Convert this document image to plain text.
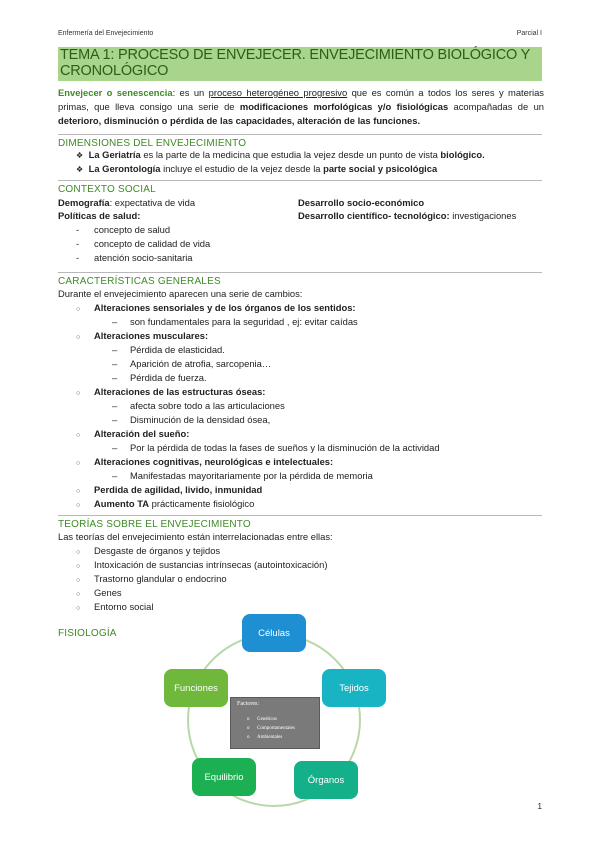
Enfermería del Envejecimiento	Parcial I
TEMA 1: PROCESO DE ENVEJECER. ENVEJECIMIENTO BIOLÓGICO Y CRONOLÓGICO
Envejecer o senescencia: es un proceso heterogéneo progresivo que es común a todos los seres y materias primas, que lleva consigo una serie de modificaciones morfológicas y/o fisiológicas acompañadas de un deterioro, disminución o pérdida de las capacidades, alteración de las funciones.
DIMENSIONES DEL ENVEJECIMIENTO
❖ La Geriatría es la parte de la medicina que estudia la vejez desde un punto de vista biológico.
❖ La Gerontología incluye el estudio de la vejez desde la parte social y psicológica
CONTEXTO SOCIAL
Demografía: expectativa de vida
Políticas de salud:
- concepto de salud
- concepto de calidad de vida
- atención socio-sanitaria
Desarrollo socio-económico
Desarrollo científico- tecnológico: investigaciones
CARACTERÍSTICAS GENERALES
Durante el envejecimiento aparecen una serie de cambios:
○ Alteraciones sensoriales y de los órganos de los sentidos:
– son fundamentales para la seguridad , ej: evitar caídas
○ Alteraciones musculares:
– Pérdida de elasticidad.
– Aparición de atrofia, sarcopenia…
– Pérdida de fuerza.
○ Alteraciones de las estructuras óseas:
– afecta sobre todo a las articulaciones
– Disminución de la densidad ósea,
○ Alteración del sueño:
– Por la pérdida de todas la fases de sueños y la disminución de la actividad
○ Alteraciones cognitivas, neurológicas e intelectuales:
– Manifestadas mayoritariamente por la pérdida de memoria
○ Perdida de agilidad, livido, inmunidad
○ Aumento TA prácticamente fisiológico
TEORÍAS SOBRE EL ENVEJECIMIENTO
Las teorías del envejecimiento están interrelacionadas entre ellas:
○ Desgaste de órganos y tejidos
○ Intoxicación de sustancias intrínsecas (autointoxicación)
○ Trastorno glandular o endocrino
○ Genes
○ Entorno social
FISIOLOGÍA	Células
Tejidos
Órganos
Equilibrio
Funciones
Factores:
o Genéticos
o Comportamentales
o Ambientales
1
